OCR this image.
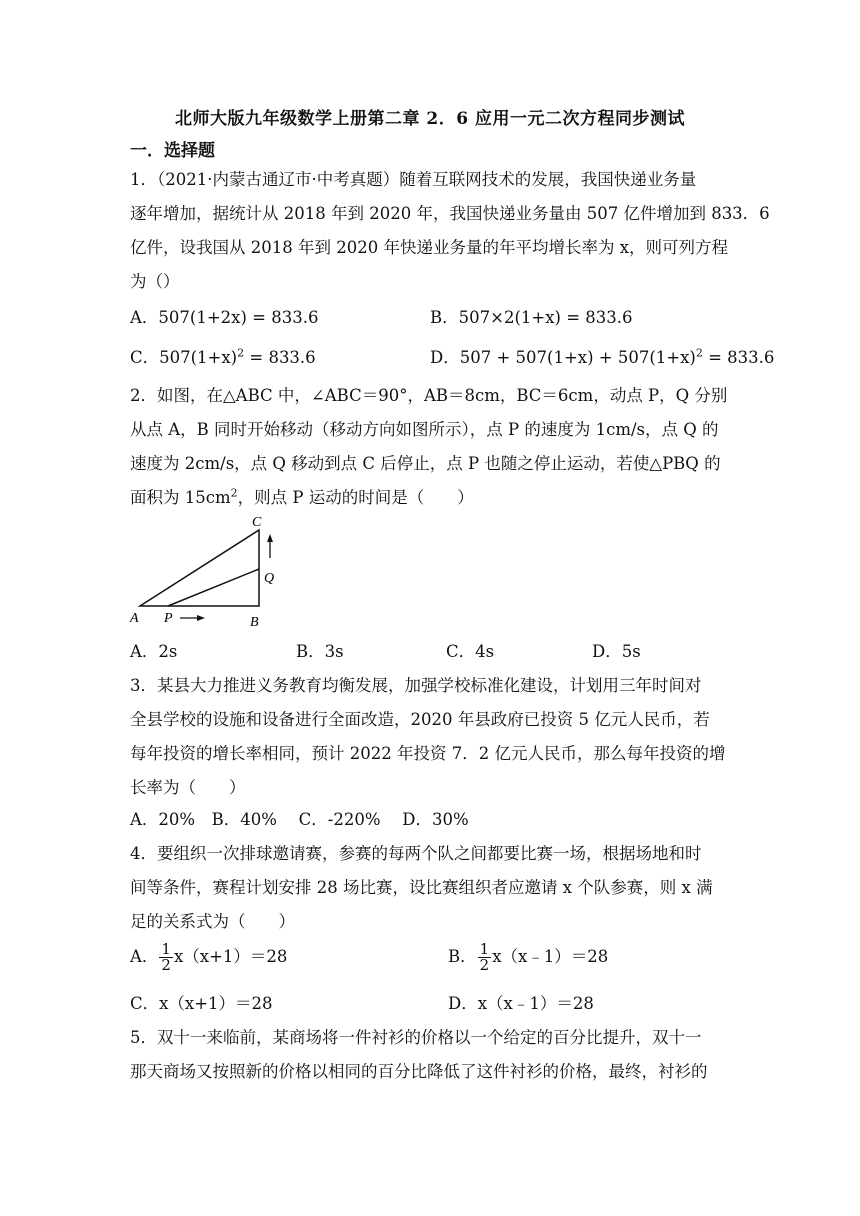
北师大版九年级数学上册第二章 2．6 应用一元二次方程同步测试
一．选择题
1．（2021·内蒙古通辽市·中考真题）随着互联网技术的发展，我国快递业务量
逐年增加，据统计从 2018 年到 2020 年，我国快递业务量由 507 亿件增加到 833．6
亿件，设我国从 2018 年到 2020 年快递业务量的年平均增长率为 x，则可列方程
为（）
A．507(1+2x) = 833.6	B．507×2(1+x) = 833.6
C．$507(1+x)^2 = 833.6$	D．$507 + 507(1+x) + 507(1+x)^2 = 833.6$
2．如图，在△ABC 中，∠ABC＝90°，AB＝8cm，BC＝6cm，动点 P，Q 分别
从点 A，B 同时开始移动（移动方向如图所示），点 P 的速度为 1cm/s，点 Q 的
速度为 2cm/s，点 Q 移动到点 C 后停止，点 P 也随之停止运动，若使△PBQ 的
面积为 $15cm^2$，则点 P 运动的时间是（　　）
C
Q
A P	B
A．2s	B．3s	C．4s	D．5s
3．某县大力推进义务教育均衡发展，加强学校标准化建设，计划用三年时间对
全县学校的设施和设备进行全面改造，2020 年县政府已投资 5 亿元人民币，若
每年投资的增长率相同，预计 2022 年投资 7．2 亿元人民币，那么每年投资的增
长率为（　　）
A．20%　B．40%　 C．-220%　 D．30%
4．要组织一次排球邀请赛，参赛的每两个队之间都要比赛一场，根据场地和时
间等条件，赛程计划安排 28 场比赛，设比赛组织者应邀请 x 个队参赛，则 x 满
足的关系式为（　　）
A． $\frac{1}{2} x(x+1)=28$	B． $\frac{1}{2}$ x（x﹣1）＝28
C．x（x+1）＝28	D．x（x﹣1）＝28
5．双十一来临前，某商场将一件衬衫的价格以一个给定的百分比提升，双十一
那天商场又按照新的价格以相同的百分比降低了这件衬衫的价格，最终，衬衫的
